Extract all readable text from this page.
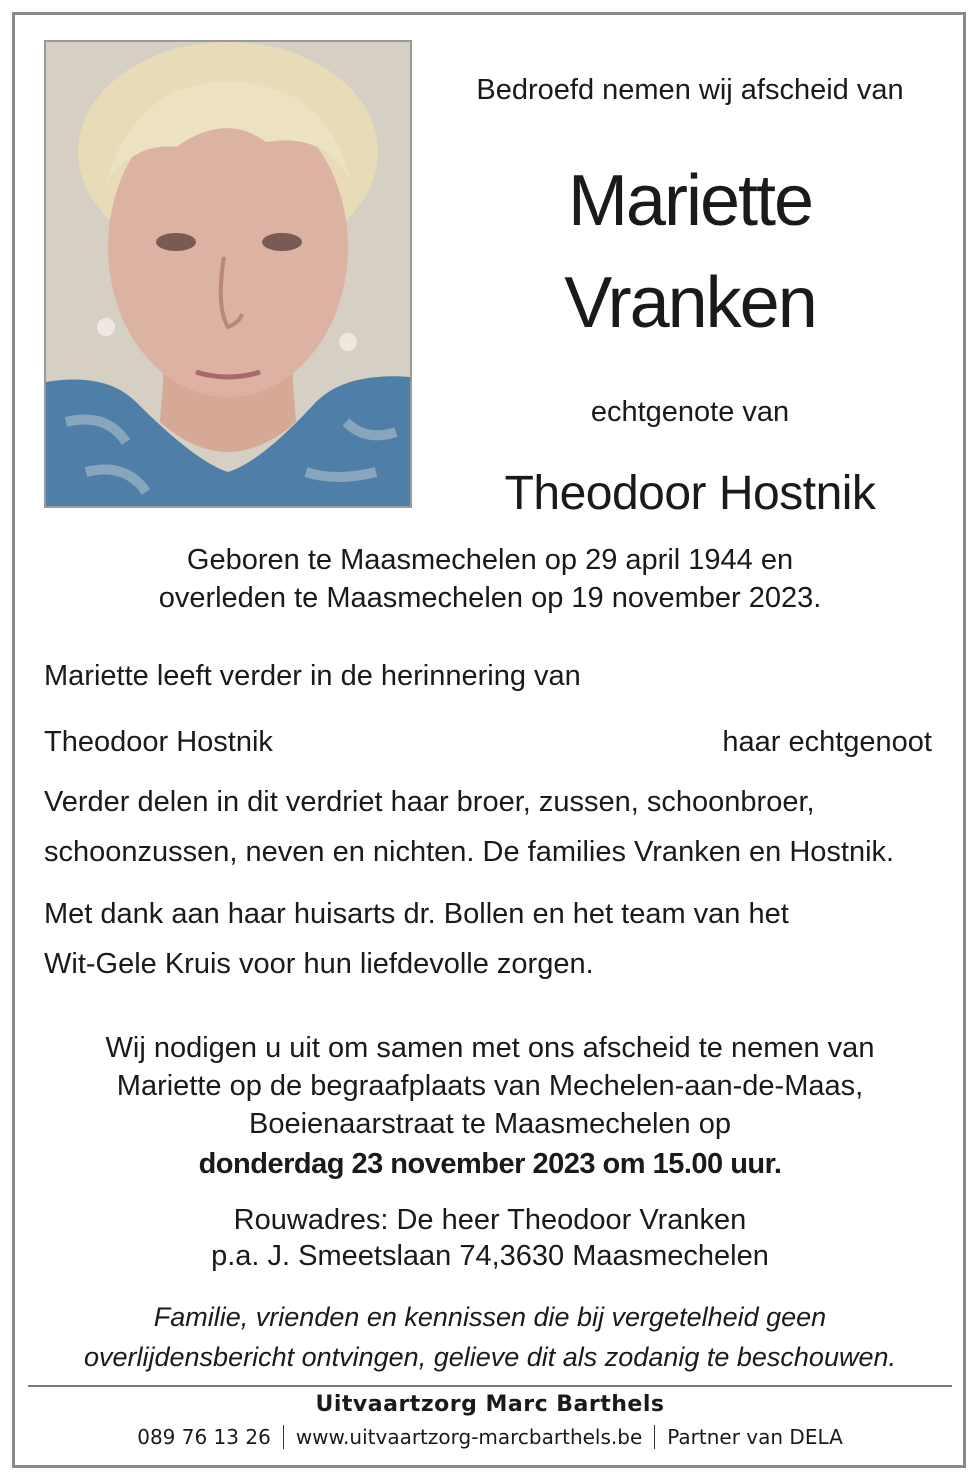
Bedroefd nemen wij afscheid van
Mariette
Vranken
echtgenote van
Theodoor Hostnik
Geboren te Maasmechelen op 29 april 1944 en
overleden te Maasmechelen op 19 november 2023.
Mariette leeft verder in de herinnering van
Theodoor Hostnik	haar echtgenoot
Verder delen in dit verdriet haar broer, zussen, schoonbroer,
schoonzussen, neven en nichten. De families Vranken en Hostnik.
Met dank aan haar huisarts dr. Bollen en het team van het
Wit-Gele Kruis voor hun liefdevolle zorgen.
Wij nodigen u uit om samen met ons afscheid te nemen van
Mariette op de begraafplaats van Mechelen-aan-de-Maas,
Boeienaarstraat te Maasmechelen op
donderdag 23 november 2023 om 15.00 uur.
Rouwadres: De heer Theodoor Vranken
p.a. J. Smeetslaan 74,3630 Maasmechelen
Familie, vrienden en kennissen die bij vergetelheid geen
overlijdensbericht ontvingen, gelieve dit als zodanig te beschouwen.
Uitvaartzorg Marc Barthels
089 76 13 26 www.uitvaartzorg-marcbarthels.be Partner van DELA
